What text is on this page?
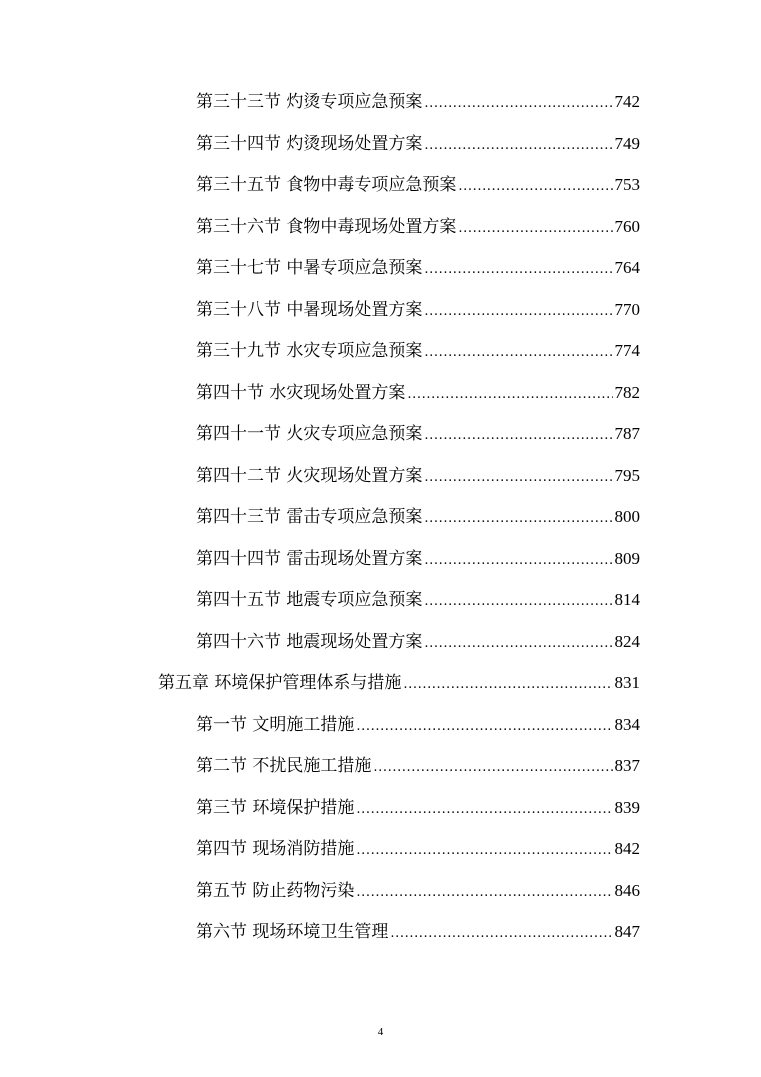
第三十三节 灼烫专项应急预案 .....	742
第三十四节 灼烫现场处置方案 .....	749
第三十五节 食物中毒专项应急预案 .....	753
第三十六节 食物中毒现场处置方案 .....	760
第三十七节 中暑专项应急预案 .....	764
第三十八节 中暑现场处置方案 .....	770
第三十九节 水灾专项应急预案 .....	774
第四十节 水灾现场处置方案 .....	782
第四十一节 火灾专项应急预案 .....	787
第四十二节 火灾现场处置方案 .....	795
第四十三节 雷击专项应急预案 .....	800
第四十四节 雷击现场处置方案 .....	809
第四十五节 地震专项应急预案 .....	814
第四十六节 地震现场处置方案 .....	824
第五章 环境保护管理体系与措施 .....	831
第一节 文明施工措施 .....	834
第二节 不扰民施工措施 .....	837
第三节 环境保护措施 .....	839
第四节 现场消防措施 .....	842
第五节 防止药物污染 .....	846
第六节 现场环境卫生管理 .....	847
4
